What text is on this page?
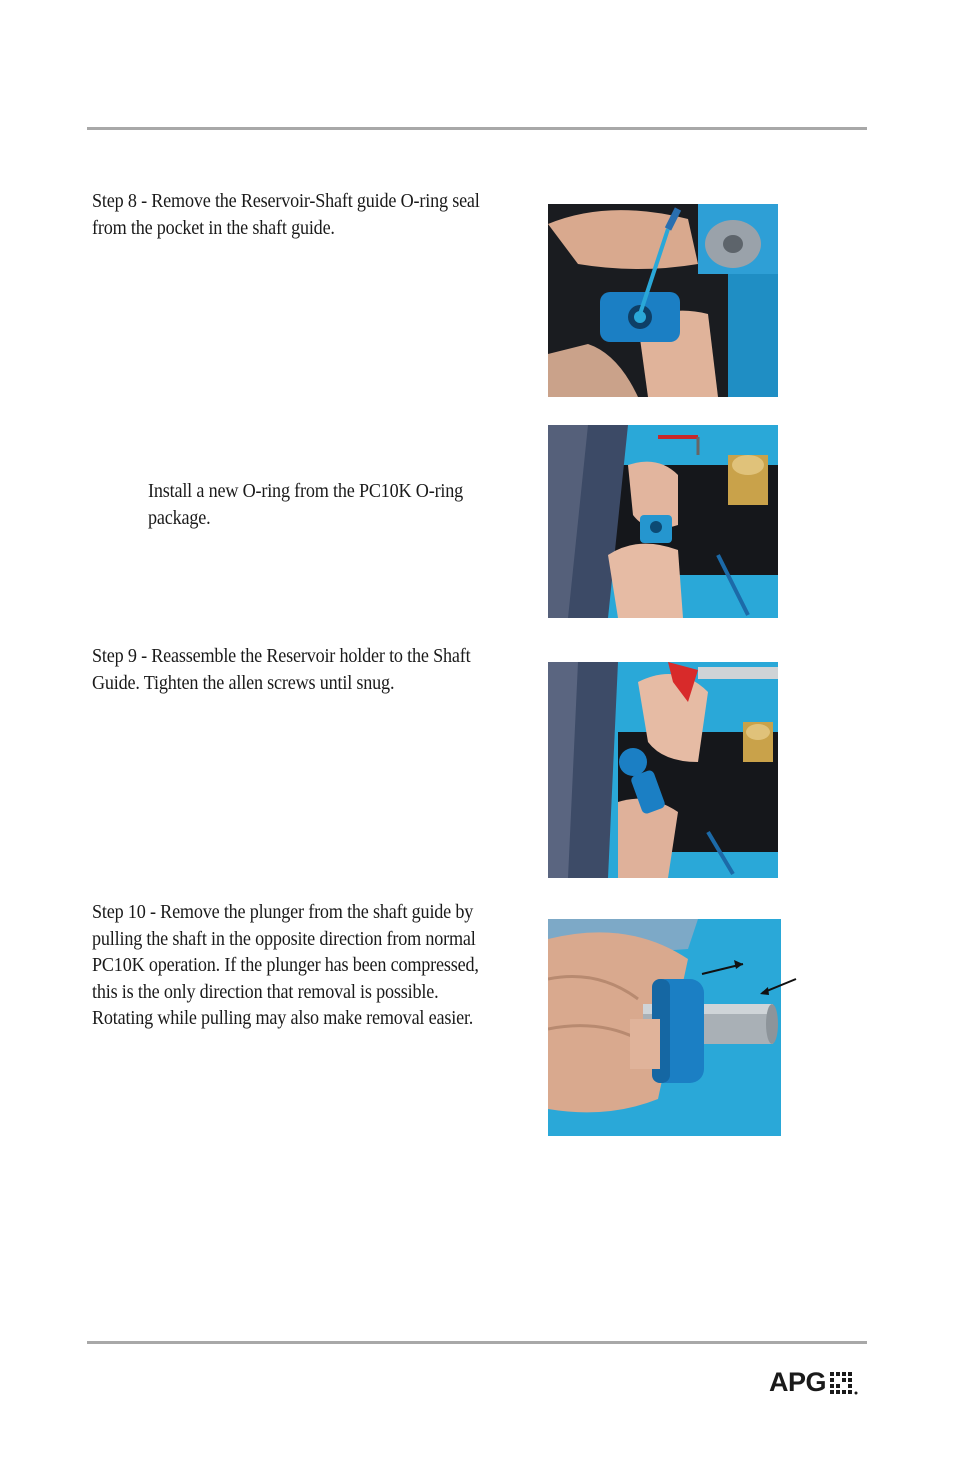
Step 8 - Remove the Reservoir-Shaft guide O-ring seal
from the pocket in the shaft guide.
Install a new O-ring from the PC10K O-ring
package.
Step 9 - Reassemble the Reservoir holder to the Shaft
Guide. Tighten the allen screws until snug.
Step 10 - Remove the plunger from the shaft guide by
pulling the shaft in the opposite direction from normal
PC10K operation. If the plunger has been compressed,
this is the only direction that removal is possible.
Rotating while pulling may also make removal easier.
APG
